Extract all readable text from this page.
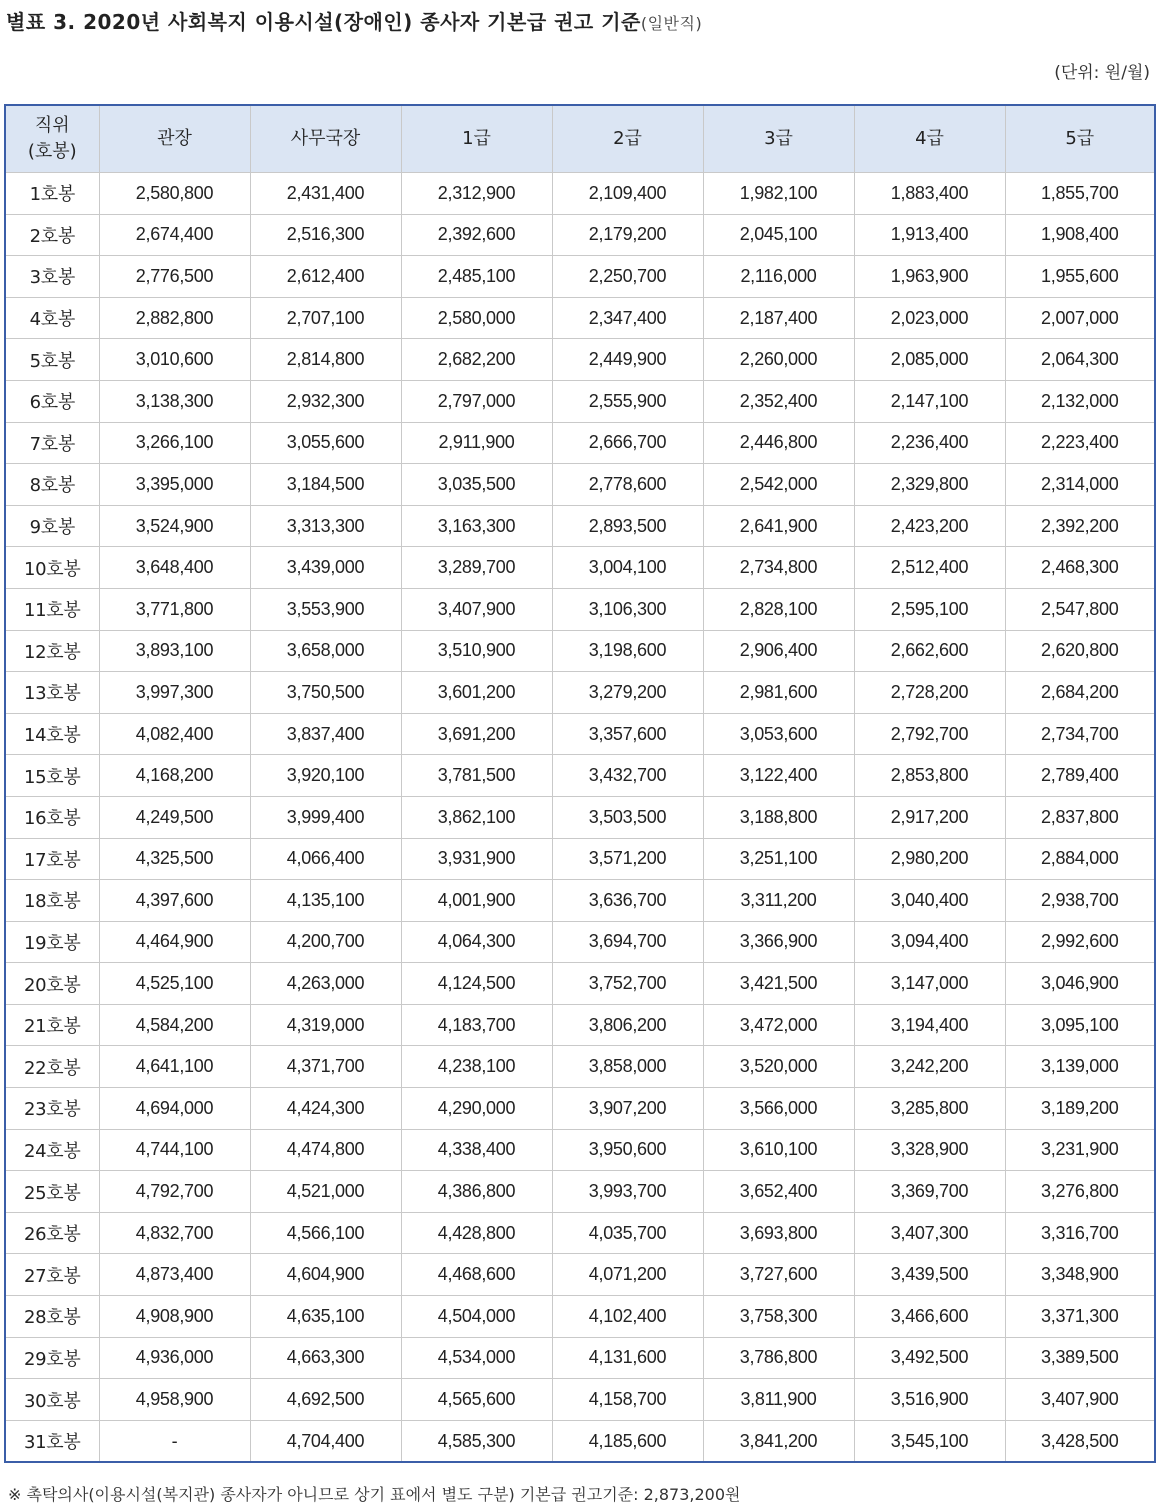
별표 3. 2020년 사회복지 이용시설(장애인) 종사자 기본급 권고 기준(일반직)
(단위: 원/월)
직위
(호봉)	관장	사무국장	1급	2급	3급	4급	5급
1호봉	2,580,800	2,431,400	2,312,900	2,109,400	1,982,100	1,883,400	1,855,700
2호봉	2,674,400	2,516,300	2,392,600	2,179,200	2,045,100	1,913,400	1,908,400
3호봉	2,776,500	2,612,400	2,485,100	2,250,700	2,116,000	1,963,900	1,955,600
4호봉	2,882,800	2,707,100	2,580,000	2,347,400	2,187,400	2,023,000	2,007,000
5호봉	3,010,600	2,814,800	2,682,200	2,449,900	2,260,000	2,085,000	2,064,300
6호봉	3,138,300	2,932,300	2,797,000	2,555,900	2,352,400	2,147,100	2,132,000
7호봉	3,266,100	3,055,600	2,911,900	2,666,700	2,446,800	2,236,400	2,223,400
8호봉	3,395,000	3,184,500	3,035,500	2,778,600	2,542,000	2,329,800	2,314,000
9호봉	3,524,900	3,313,300	3,163,300	2,893,500	2,641,900	2,423,200	2,392,200
10호봉	3,648,400	3,439,000	3,289,700	3,004,100	2,734,800	2,512,400	2,468,300
11호봉	3,771,800	3,553,900	3,407,900	3,106,300	2,828,100	2,595,100	2,547,800
12호봉	3,893,100	3,658,000	3,510,900	3,198,600	2,906,400	2,662,600	2,620,800
13호봉	3,997,300	3,750,500	3,601,200	3,279,200	2,981,600	2,728,200	2,684,200
14호봉	4,082,400	3,837,400	3,691,200	3,357,600	3,053,600	2,792,700	2,734,700
15호봉	4,168,200	3,920,100	3,781,500	3,432,700	3,122,400	2,853,800	2,789,400
16호봉	4,249,500	3,999,400	3,862,100	3,503,500	3,188,800	2,917,200	2,837,800
17호봉	4,325,500	4,066,400	3,931,900	3,571,200	3,251,100	2,980,200	2,884,000
18호봉	4,397,600	4,135,100	4,001,900	3,636,700	3,311,200	3,040,400	2,938,700
19호봉	4,464,900	4,200,700	4,064,300	3,694,700	3,366,900	3,094,400	2,992,600
20호봉	4,525,100	4,263,000	4,124,500	3,752,700	3,421,500	3,147,000	3,046,900
21호봉	4,584,200	4,319,000	4,183,700	3,806,200	3,472,000	3,194,400	3,095,100
22호봉	4,641,100	4,371,700	4,238,100	3,858,000	3,520,000	3,242,200	3,139,000
23호봉	4,694,000	4,424,300	4,290,000	3,907,200	3,566,000	3,285,800	3,189,200
24호봉	4,744,100	4,474,800	4,338,400	3,950,600	3,610,100	3,328,900	3,231,900
25호봉	4,792,700	4,521,000	4,386,800	3,993,700	3,652,400	3,369,700	3,276,800
26호봉	4,832,700	4,566,100	4,428,800	4,035,700	3,693,800	3,407,300	3,316,700
27호봉	4,873,400	4,604,900	4,468,600	4,071,200	3,727,600	3,439,500	3,348,900
28호봉	4,908,900	4,635,100	4,504,000	4,102,400	3,758,300	3,466,600	3,371,300
29호봉	4,936,000	4,663,300	4,534,000	4,131,600	3,786,800	3,492,500	3,389,500
30호봉	4,958,900	4,692,500	4,565,600	4,158,700	3,811,900	3,516,900	3,407,900
31호봉	-	4,704,400	4,585,300	4,185,600	3,841,200	3,545,100	3,428,500
※ 촉탁의사(이용시설(복지관) 종사자가 아니므로 상기 표에서 별도 구분) 기본급 권고기준: 2,873,200원
